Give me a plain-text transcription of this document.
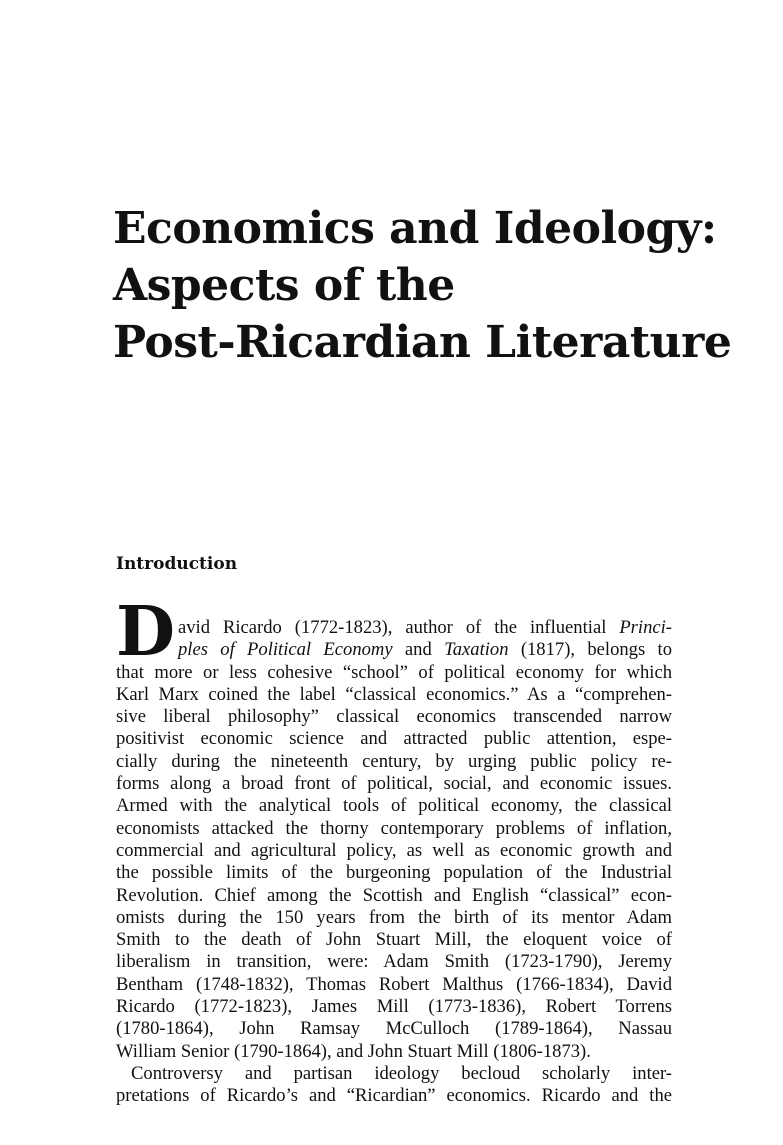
Economics and Ideology:
Aspects of the
Post-Ricardian Literature
Introduction
D avid Ricardo (1772-1823), author of the influential Princi-
ples of Political Economy and Taxation (1817), belongs to
that more or less cohesive “school” of political economy for which
Karl Marx coined the label “classical economics.” As a “comprehen-
sive liberal philosophy” classical economics transcended narrow
positivist economic science and attracted public attention, espe-
cially during the nineteenth century, by urging public policy re-
forms along a broad front of political, social, and economic issues.
Armed with the analytical tools of political economy, the classical
economists attacked the thorny contemporary problems of inflation,
commercial and agricultural policy, as well as economic growth and
the possible limits of the burgeoning population of the Industrial
Revolution. Chief among the Scottish and English “classical” econ-
omists during the 150 years from the birth of its mentor Adam
Smith to the death of John Stuart Mill, the eloquent voice of
liberalism in transition, were: Adam Smith (1723-1790), Jeremy
Bentham (1748-1832), Thomas Robert Malthus (1766-1834), David
Ricardo (1772-1823), James Mill (1773-1836), Robert Torrens
(1780-1864), John Ramsay McCulloch (1789-1864), Nassau
William Senior (1790-1864), and John Stuart Mill (1806-1873).
Controversy and partisan ideology becloud scholarly inter-
pretations of Ricardo’s and “Ricardian” economics. Ricardo and the
